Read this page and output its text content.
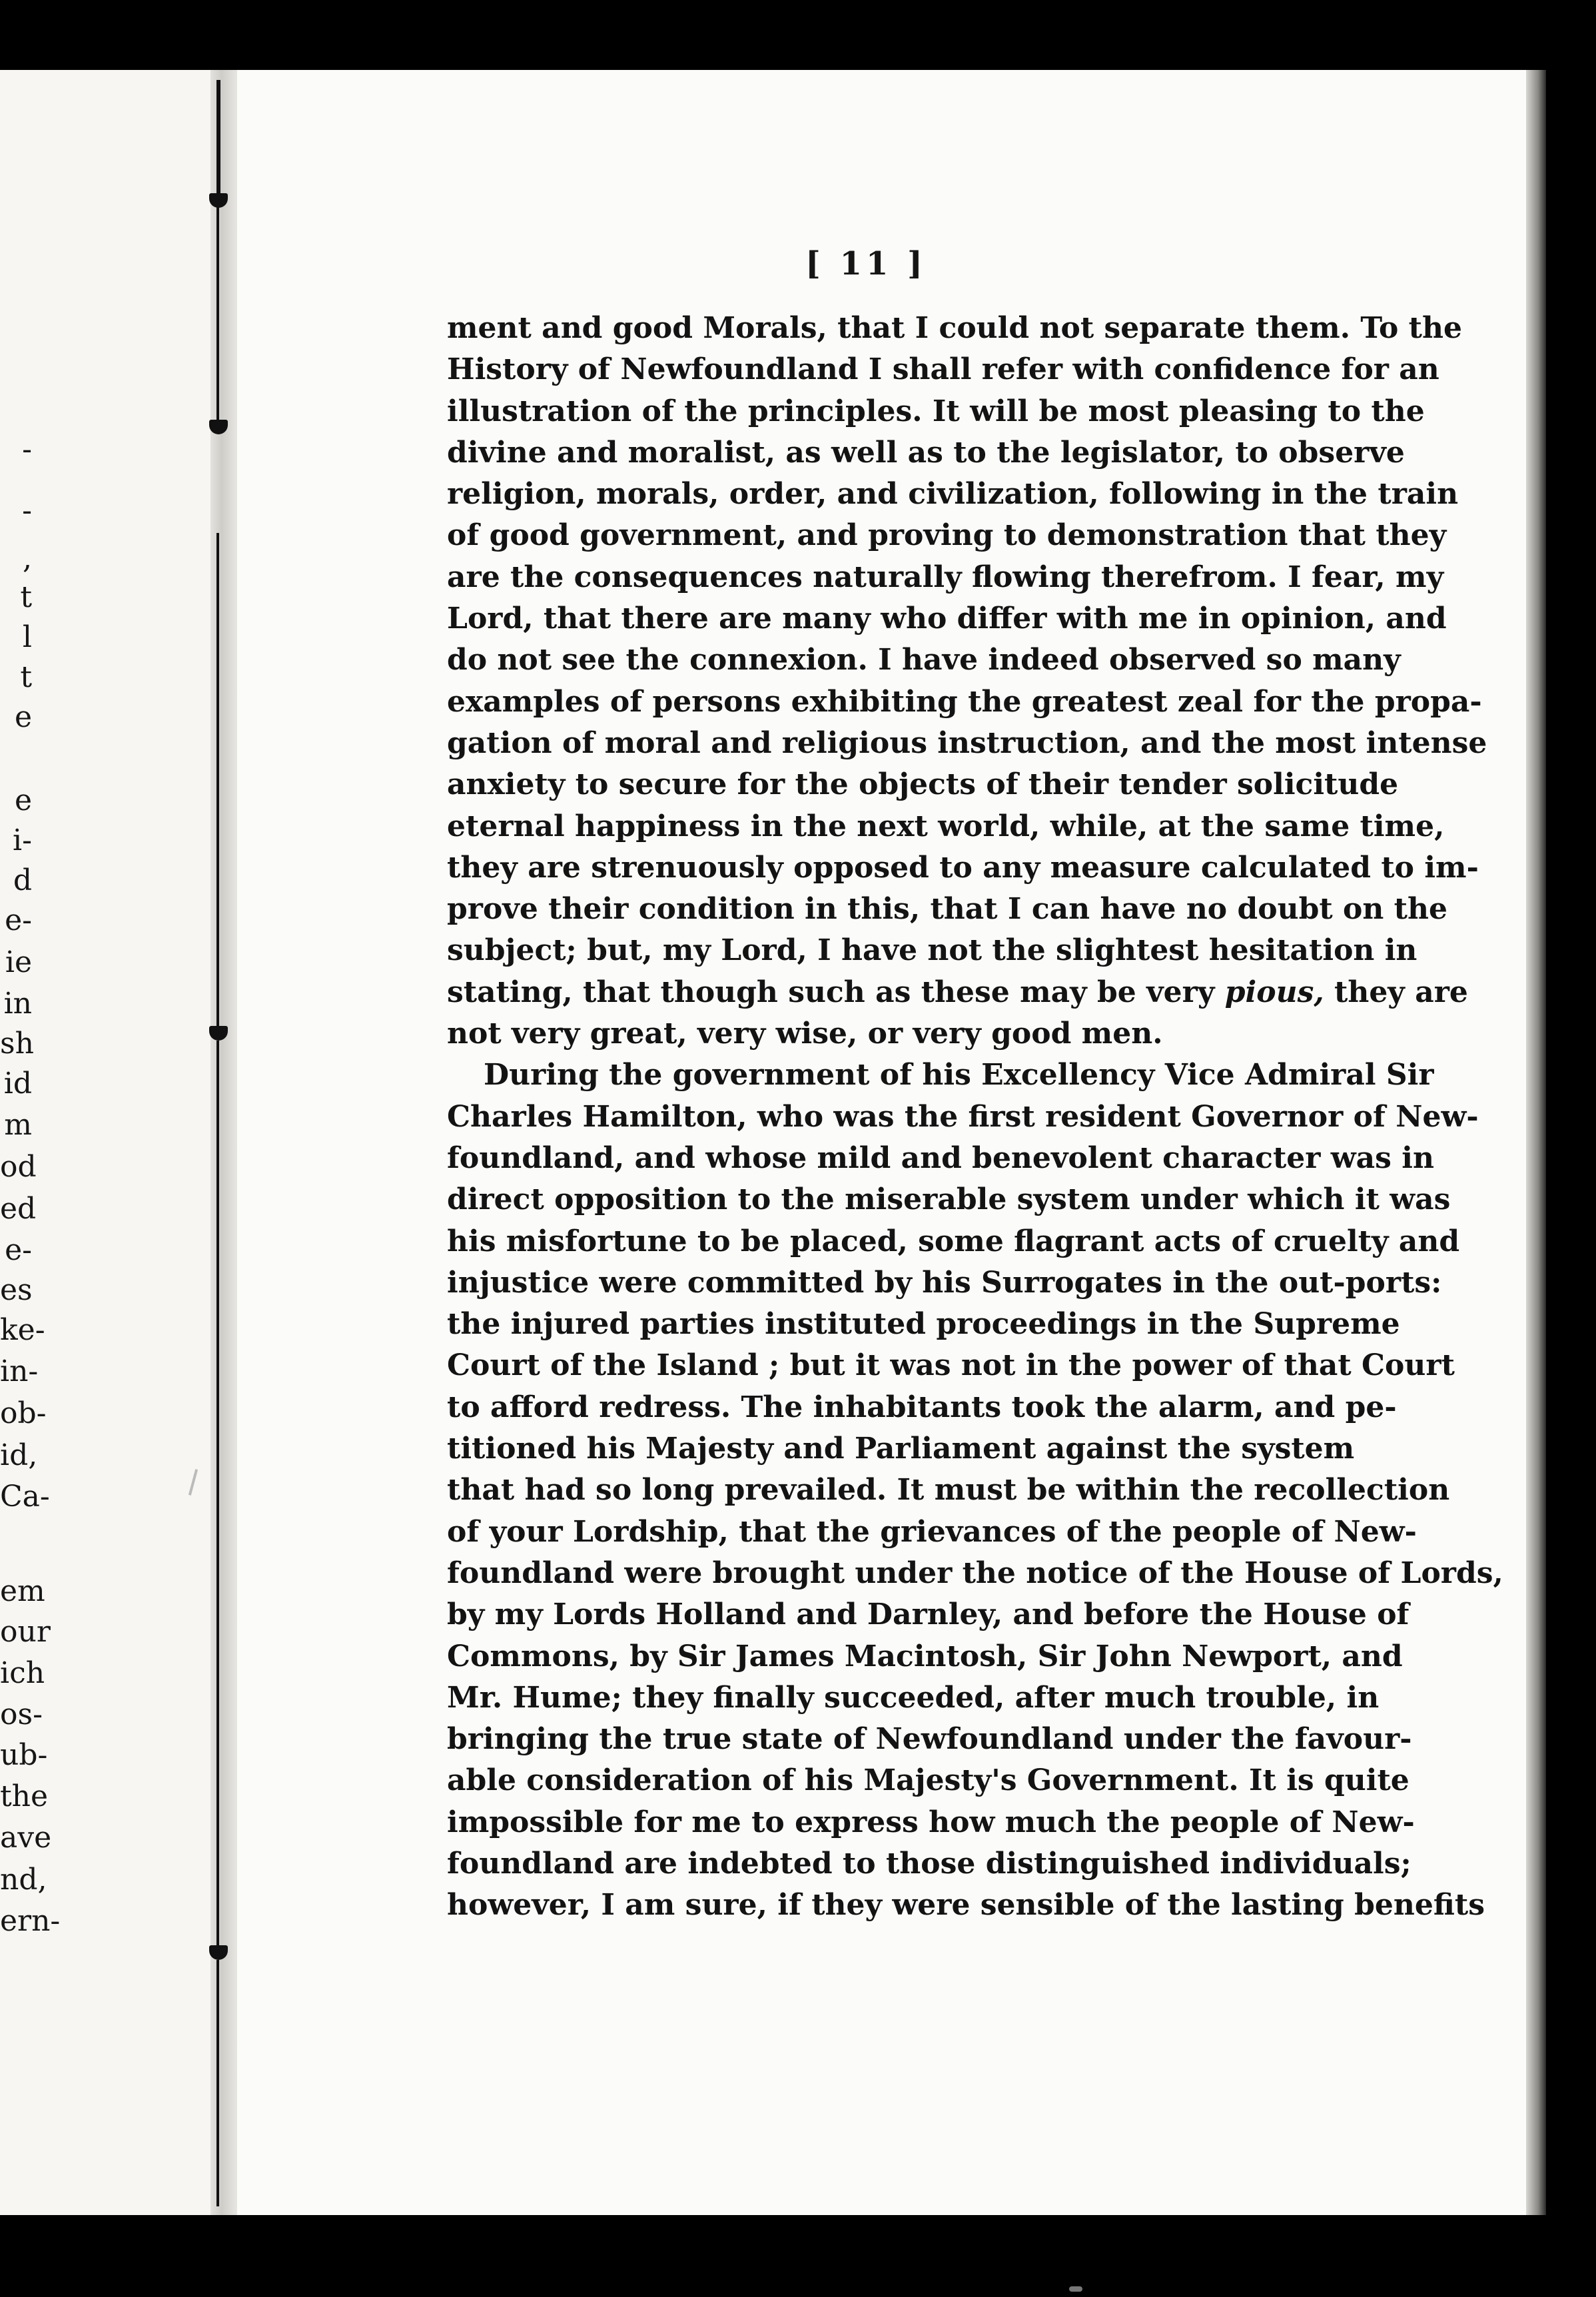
-
-
,
t
l
t
e
e
i-
d
e-
ie
in
sh
id
m
od
ed
e-
es
ke-
in-
ob-
id,
Ca-
em
our
ich
os-
ub-
the
ave
nd,
ern-
[ 11 ]
ment and good Morals, that I could not separate them. To the
History of Newfoundland I shall refer with confidence for an
illustration of the principles. It will be most pleasing to the
divine and moralist, as well as to the legislator, to observe
religion, morals, order, and civilization, following in the train
of good government, and proving to demonstration that they
are the consequences naturally flowing therefrom. I fear, my
Lord, that there are many who differ with me in opinion, and
do not see the connexion. I have indeed observed so many
examples of persons exhibiting the greatest zeal for the propa-
gation of moral and religious instruction, and the most intense
anxiety to secure for the objects of their tender solicitude
eternal happiness in the next world, while, at the same time,
they are strenuously opposed to any measure calculated to im-
prove their condition in this, that I can have no doubt on the
subject; but, my Lord, I have not the slightest hesitation in
stating, that though such as these may be very pious, they are
not very great, very wise, or very good men.
During the government of his Excellency Vice Admiral Sir
Charles Hamilton, who was the first resident Governor of New-
foundland, and whose mild and benevolent character was in
direct opposition to the miserable system under which it was
his misfortune to be placed, some flagrant acts of cruelty and
injustice were committed by his Surrogates in the out-ports:
the injured parties instituted proceedings in the Supreme
Court of the Island ; but it was not in the power of that Court
to afford redress. The inhabitants took the alarm, and pe-
titioned his Majesty and Parliament against the system
that had so long prevailed. It must be within the recollection
of your Lordship, that the grievances of the people of New-
foundland were brought under the notice of the House of Lords,
by my Lords Holland and Darnley, and before the House of
Commons, by Sir James Macintosh, Sir John Newport, and
Mr. Hume; they finally succeeded, after much trouble, in
bringing the true state of Newfoundland under the favour-
able consideration of his Majesty's Government. It is quite
impossible for me to express how much the people of New-
foundland are indebted to those distinguished individuals;
however, I am sure, if they were sensible of the lasting benefits
